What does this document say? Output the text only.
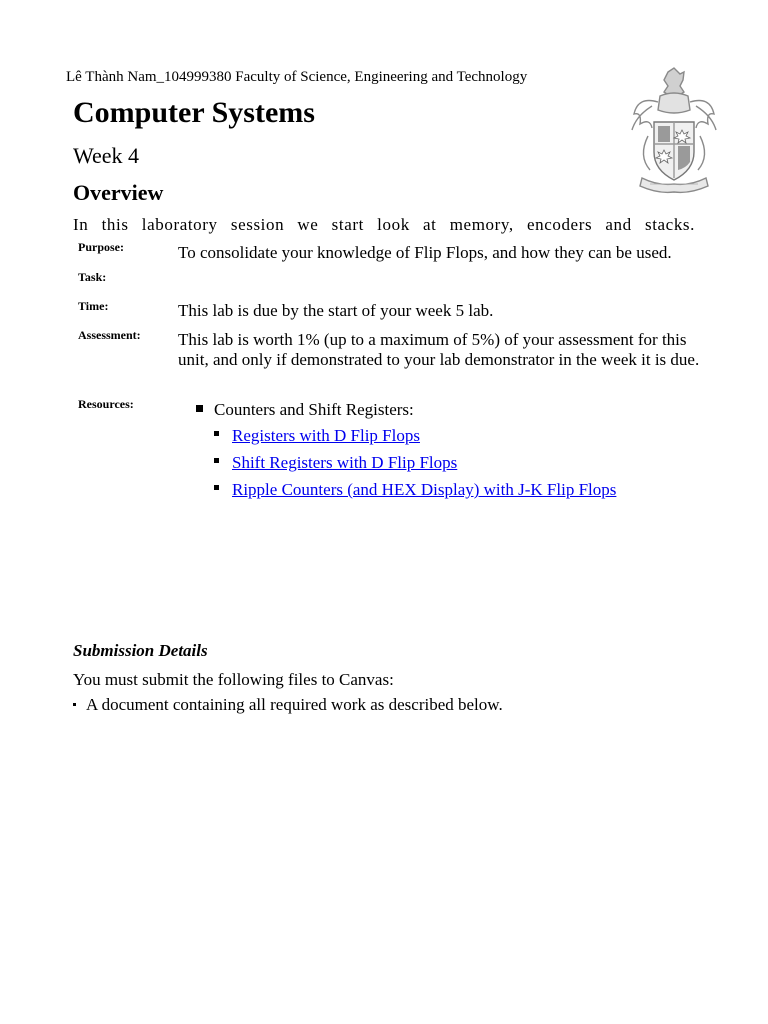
Lê Thành Nam_104999380 Faculty of Science, Engineering and Technology
Computer Systems
Week 4
Overview
In this laboratory session we start look at memory, encoders and stacks.
Purpose:	To consolidate your knowledge of Flip Flops, and how they can be used.
Task:
Time:	This lab is due by the start of your week 5 lab.
Assessment: This lab is worth 1% (up to a maximum of 5%) of your assessment for this unit, and only if demonstrated to your lab demonstrator in the week it is due.
Resources:	Counters and Shift Registers:
Registers with D Flip Flops
Shift Registers with D Flip Flops
Ripple Counters (and HEX Display) with J-K Flip Flops
Submission Details
You must submit the following files to Canvas:
A document containing all required work as described below.
